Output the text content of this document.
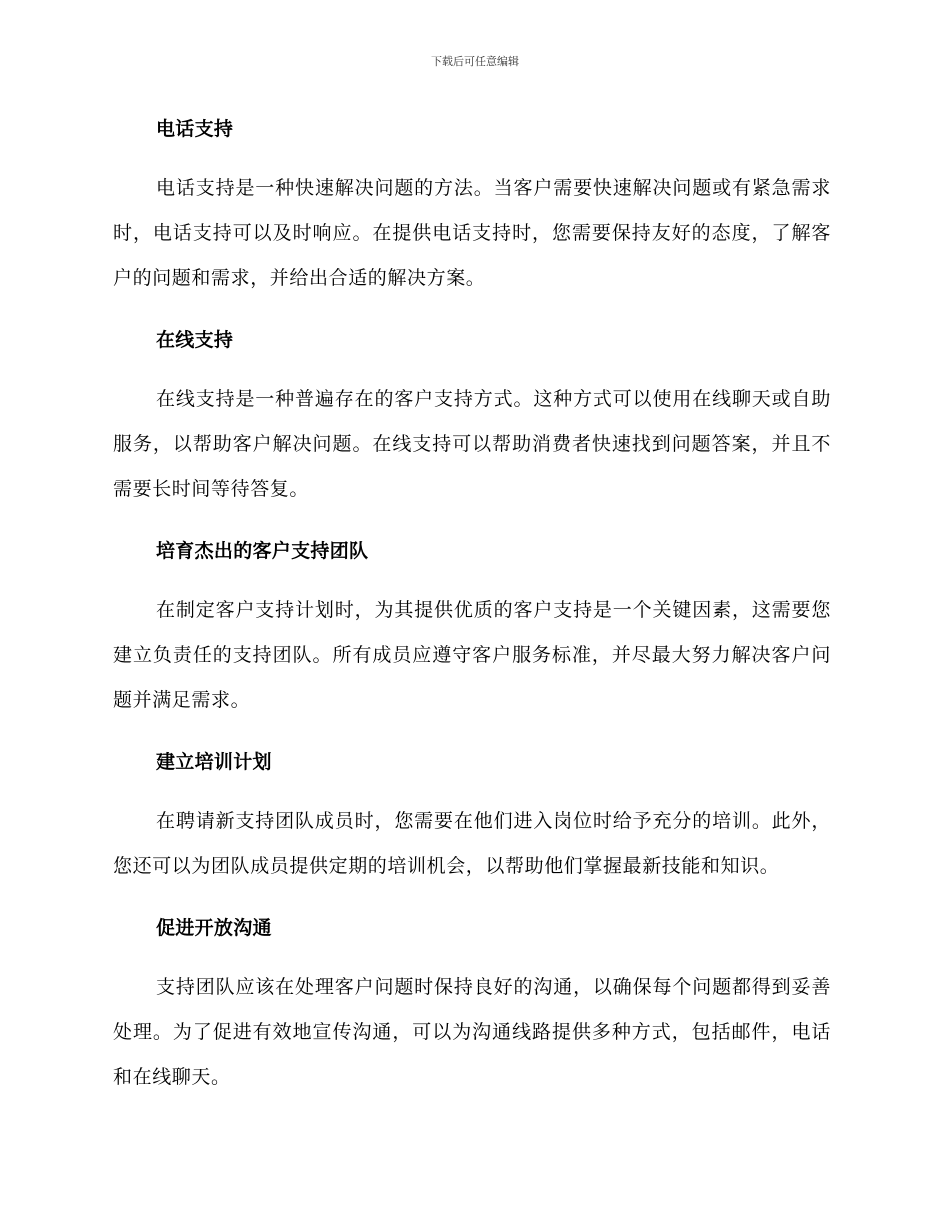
下载后可任意编辑
电话支持

电话支持是一种快速解决问题的方法。当客户需要快速解决问题或有紧急需求时，电话支持可以及时响应。在提供电话支持时，您需要保持友好的态度，了解客户的问题和需求，并给出合适的解决方案。

在线支持

在线支持是一种普遍存在的客户支持方式。这种方式可以使用在线聊天或自助服务，以帮助客户解决问题。在线支持可以帮助消费者快速找到问题答案，并且不需要长时间等待答复。

培育杰出的客户支持团队

在制定客户支持计划时，为其提供优质的客户支持是一个关键因素，这需要您建立负责任的支持团队。所有成员应遵守客户服务标准，并尽最大努力解决客户问题并满足需求。

建立培训计划

在聘请新支持团队成员时，您需要在他们进入岗位时给予充分的培训。此外，您还可以为团队成员提供定期的培训机会，以帮助他们掌握最新技能和知识。

促进开放沟通

支持团队应该在处理客户问题时保持良好的沟通，以确保每个问题都得到妥善处理。为了促进有效地宣传沟通，可以为沟通线路提供多种方式，包括邮件，电话和在线聊天。
